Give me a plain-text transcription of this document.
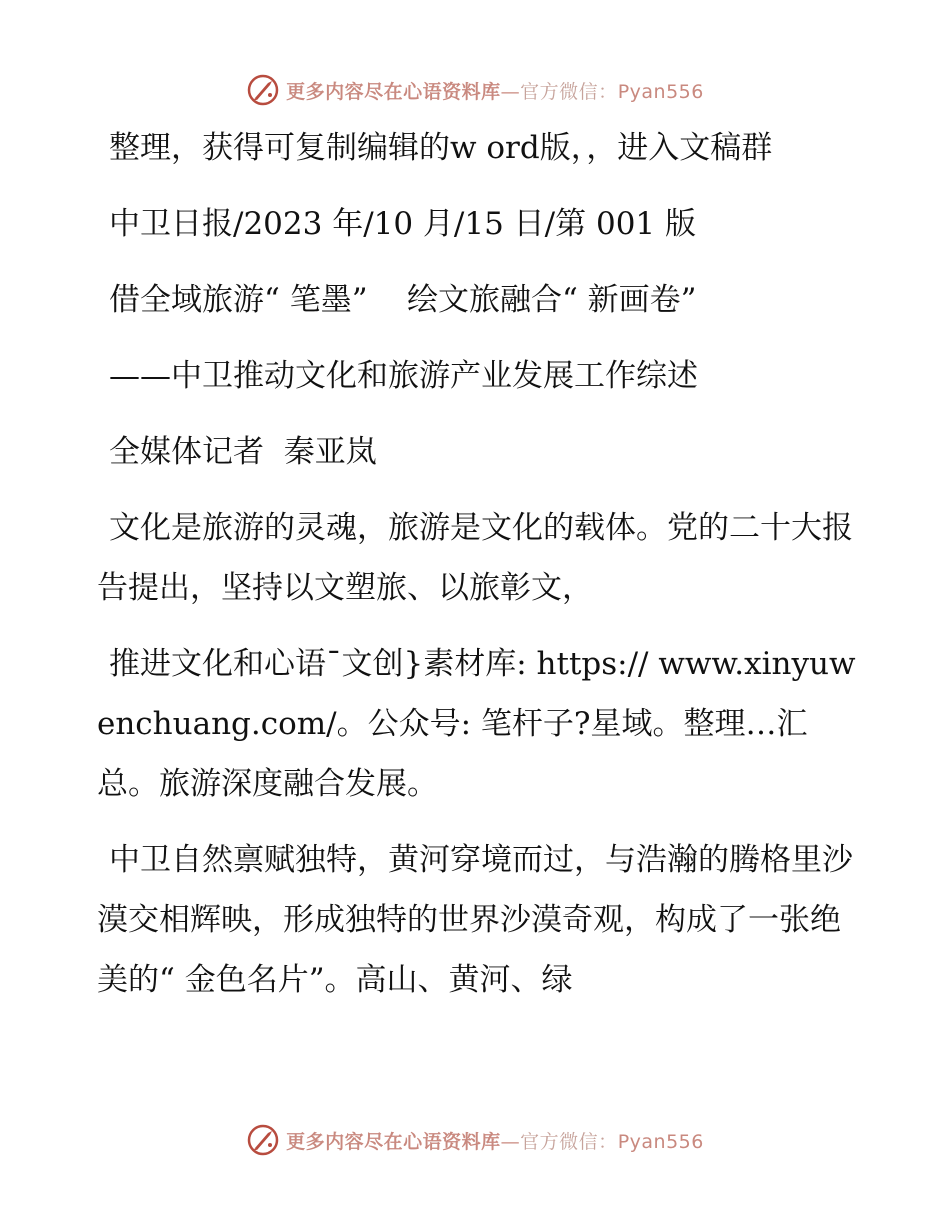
更多内容尽在心语资料库—官方微信：Pyan556

整理，获得可复制编辑的w ord版，，进入文稿群

中卫日报/2023 年/10 月/15 日/第 001 版

借全域旅游“ 笔墨”    绘文旅融合“ 新画卷”

——中卫推动文化和旅游产业发展工作综述

全媒体记者  秦亚岚

文化是旅游的灵魂，旅游是文化的载体。党的二十大报告提出，坚持以文塑旅、以旅彰文，

推进文化和心语¯文创}素材库: https:// www.xinyuwenchuang.com/。公众号: 笔杆子?星域。整理…汇总。旅游深度融合发展。

中卫自然禀赋独特，黄河穿境而过，与浩瀚的腾格里沙漠交相辉映，形成独特的世界沙漠奇观，构成了一张绝美的“ 金色名片”。高山、黄河、绿

更多内容尽在心语资料库—官方微信：Pyan556
